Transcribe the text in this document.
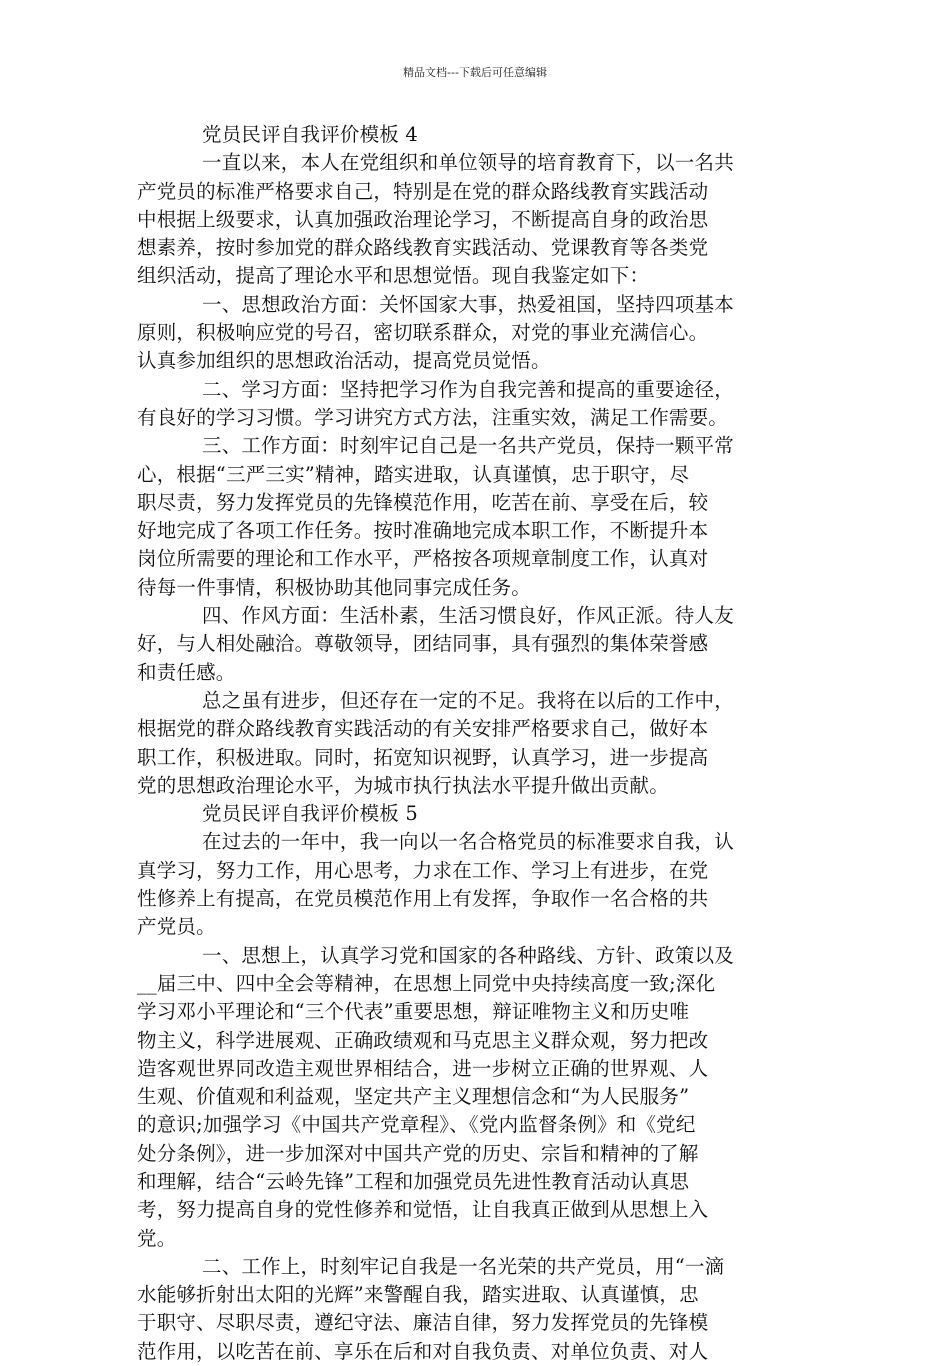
精品文档---下载后可任意编辑
党员民评自我评价模板 4
一直以来，本人在党组织和单位领导的培育教育下，以一名共
产党员的标准严格要求自己，特别是在党的群众路线教育实践活动
中根据上级要求，认真加强政治理论学习，不断提高自身的政治思
想素养，按时参加党的群众路线教育实践活动、党课教育等各类党
组织活动，提高了理论水平和思想觉悟。现自我鉴定如下：
一、思想政治方面：关怀国家大事，热爱祖国，坚持四项基本
原则，积极响应党的号召，密切联系群众，对党的事业充满信心。
认真参加组织的思想政治活动，提高党员觉悟。
二、学习方面：坚持把学习作为自我完善和提高的重要途径，
有良好的学习习惯。学习讲究方式方法，注重实效，满足工作需要。
三、工作方面：时刻牢记自己是一名共产党员，保持一颗平常
心，根据“三严三实”精神，踏实进取，认真谨慎，忠于职守，尽
职尽责，努力发挥党员的先锋模范作用，吃苦在前、享受在后，较
好地完成了各项工作任务。按时准确地完成本职工作，不断提升本
岗位所需要的理论和工作水平，严格按各项规章制度工作，认真对
待每一件事情，积极协助其他同事完成任务。
四、作风方面：生活朴素，生活习惯良好，作风正派。待人友
好，与人相处融洽。尊敬领导，团结同事，具有强烈的集体荣誉感
和责任感。
总之虽有进步，但还存在一定的不足。我将在以后的工作中，
根据党的群众路线教育实践活动的有关安排严格要求自己，做好本
职工作，积极进取。同时，拓宽知识视野，认真学习，进一步提高
党的思想政治理论水平，为城市执行执法水平提升做出贡献。
党员民评自我评价模板 5
在过去的一年中，我一向以一名合格党员的标准要求自我，认
真学习，努力工作，用心思考，力求在工作、学习上有进步，在党
性修养上有提高，在党员模范作用上有发挥，争取作一名合格的共
产党员。
一、思想上，认真学习党和国家的各种路线、方针、政策以及
__届三中、四中全会等精神，在思想上同党中央持续高度一致;深化
学习邓小平理论和“三个代表”重要思想，辩证唯物主义和历史唯
物主义，科学进展观、正确政绩观和马克思主义群众观，努力把改
造客观世界同改造主观世界相结合，进一步树立正确的世界观、人
生观、价值观和利益观，坚定共产主义理想信念和“为人民服务”
的意识;加强学习《中国共产党章程》、《党内监督条例》和《党纪
处分条例》，进一步加深对中国共产党的历史、宗旨和精神的了解
和理解，结合“云岭先锋”工程和加强党员先进性教育活动认真思
考，努力提高自身的党性修养和觉悟，让自我真正做到从思想上入
党。
二、工作上，时刻牢记自我是一名光荣的共产党员，用“一滴
水能够折射出太阳的光辉”来警醒自我，踏实进取、认真谨慎，忠
于职守、尽职尽责，遵纪守法、廉洁自律，努力发挥党员的先锋模
范作用，以吃苦在前、享乐在后和对自我负责、对单位负责、对人
